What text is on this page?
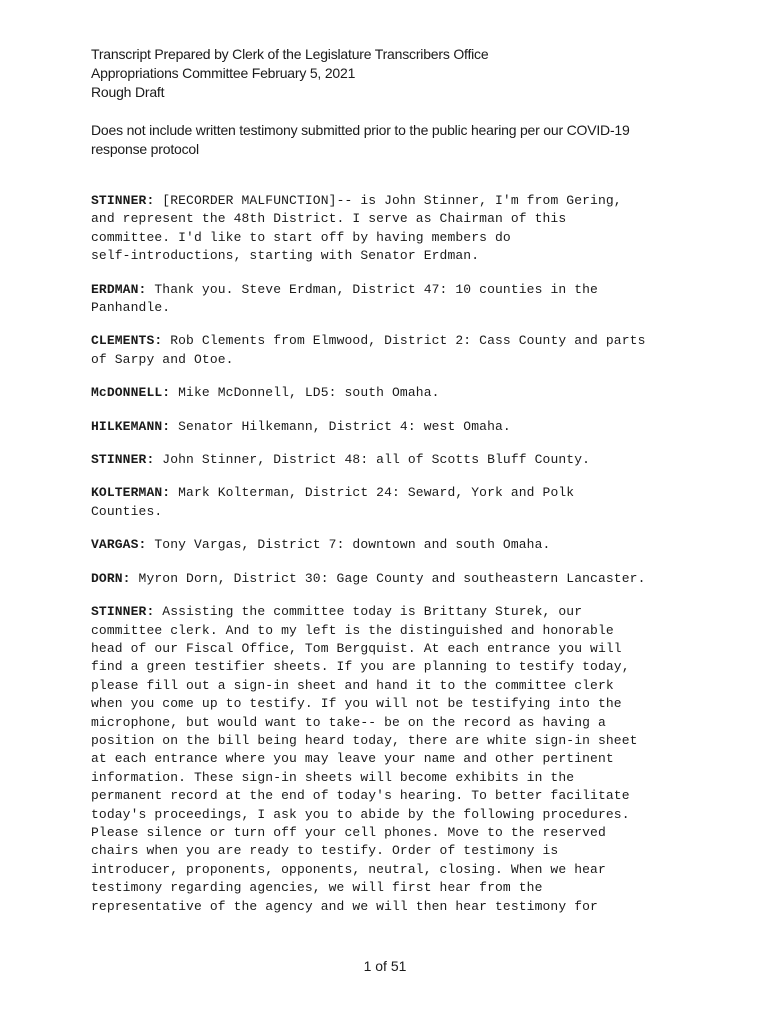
Transcript Prepared by Clerk of the Legislature Transcribers Office
Appropriations Committee February 5, 2021
Rough Draft
Does not include written testimony submitted prior to the public hearing per our COVID-19 response protocol
STINNER: [RECORDER MALFUNCTION]-- is John Stinner, I'm from Gering,
and represent the 48th District. I serve as Chairman of this
committee. I'd like to start off by having members do
self-introductions, starting with Senator Erdman.
ERDMAN: Thank you. Steve Erdman, District 47: 10 counties in the
Panhandle.
CLEMENTS: Rob Clements from Elmwood, District 2: Cass County and parts
of Sarpy and Otoe.
McDONNELL: Mike McDonnell, LD5: south Omaha.
HILKEMANN: Senator Hilkemann, District 4: west Omaha.
STINNER: John Stinner, District 48: all of Scotts Bluff County.
KOLTERMAN: Mark Kolterman, District 24: Seward, York and Polk
Counties.
VARGAS: Tony Vargas, District 7: downtown and south Omaha.
DORN: Myron Dorn, District 30: Gage County and southeastern Lancaster.
STINNER: Assisting the committee today is Brittany Sturek, our
committee clerk. And to my left is the distinguished and honorable
head of our Fiscal Office, Tom Bergquist. At each entrance you will
find a green testifier sheets. If you are planning to testify today,
please fill out a sign-in sheet and hand it to the committee clerk
when you come up to testify. If you will not be testifying into the
microphone, but would want to take-- be on the record as having a
position on the bill being heard today, there are white sign-in sheet
at each entrance where you may leave your name and other pertinent
information. These sign-in sheets will become exhibits in the
permanent record at the end of today's hearing. To better facilitate
today's proceedings, I ask you to abide by the following procedures.
Please silence or turn off your cell phones. Move to the reserved
chairs when you are ready to testify. Order of testimony is
introducer, proponents, opponents, neutral, closing. When we hear
testimony regarding agencies, we will first hear from the
representative of the agency and we will then hear testimony for
1 of 51
